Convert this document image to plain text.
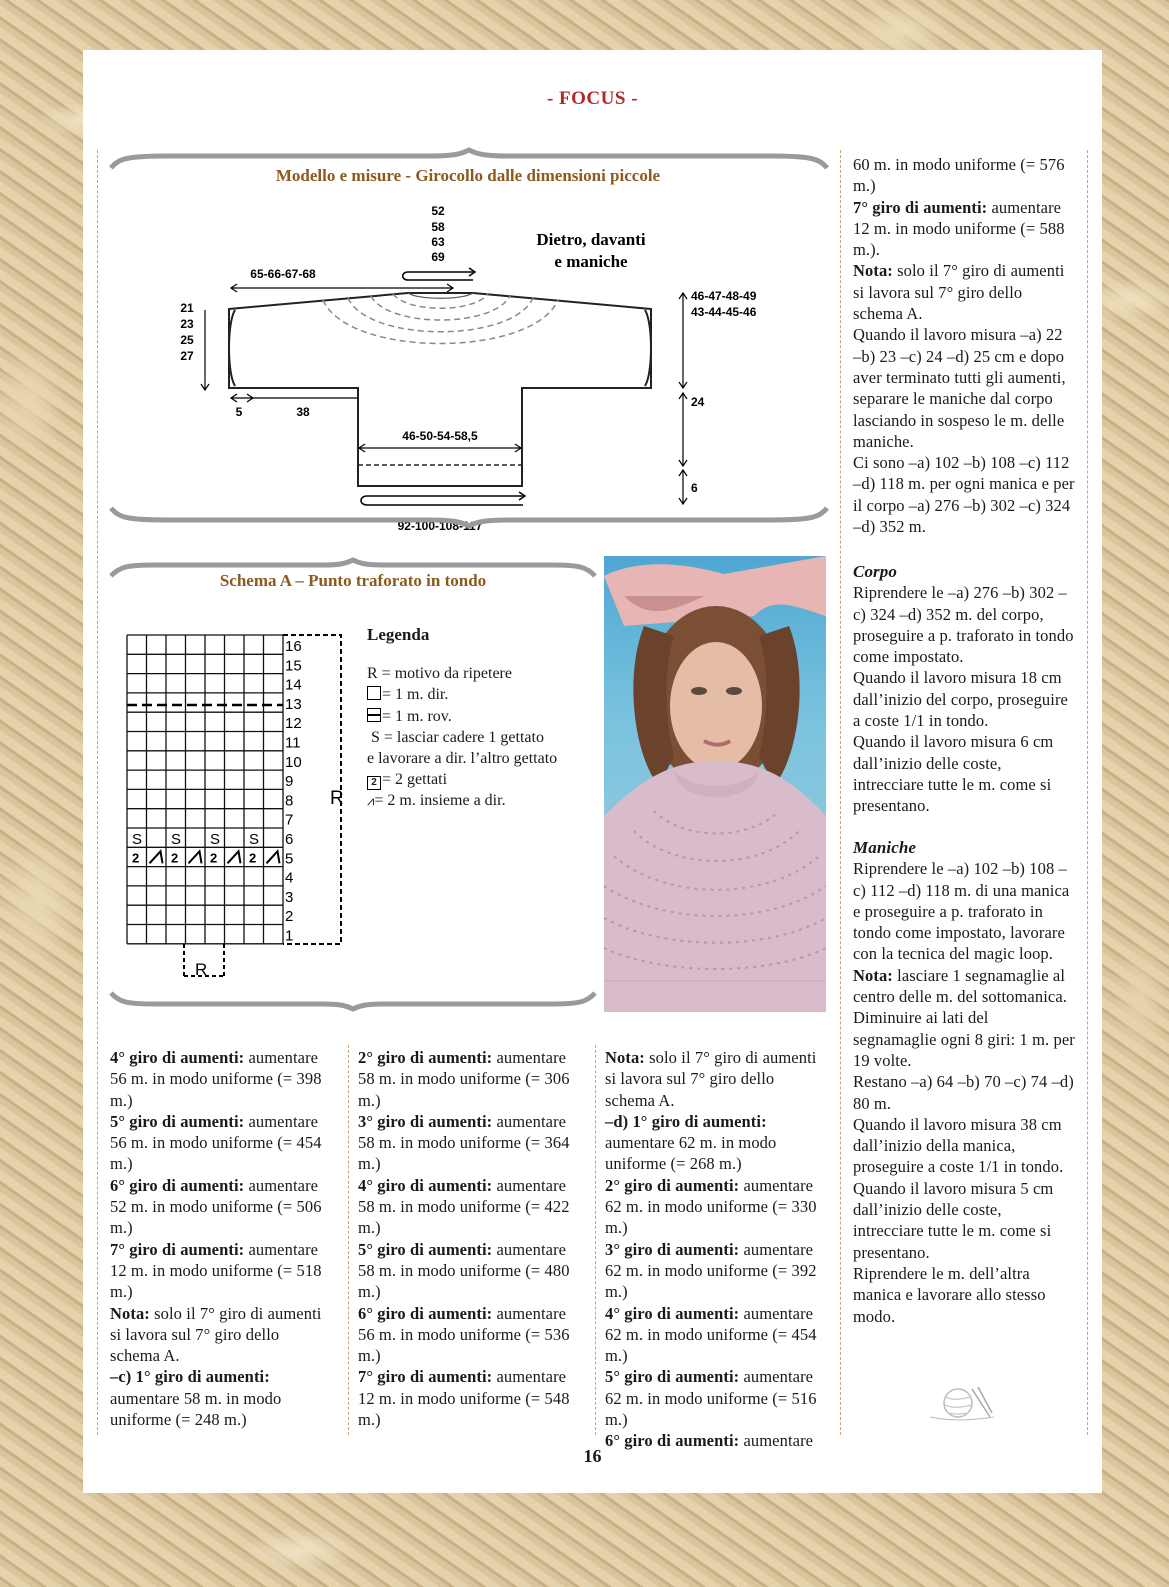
- FOCUS -
Modello e misure - Girocollo dalle dimensioni piccole
52
58
63
69
Dietro, davanti
e maniche
65-66-67-68
21
23
25
27
5	38
46-50-54-58,5
92-100-108-117
46-47-48-49
43-44-45-46
24
6
Schema A – Punto traforato in tondo
16
15
14
13
12
11
10
9
8
7
6
5
4
3
2
1
R
R
S S S S
2 2 2 2

Legenda

R = motivo da ripetere

= 1 m. dir.

= 1 m. rov.

S = lasciar cadere 1 gettato

e lavorare a dir. l’altro gettato

2 = 2 gettati

⩘= 2 m. insieme a dir.

60 m. in modo uniforme (= 576 m.)

7° giro di aumenti: aumentare 12 m. in modo uniforme (= 588 m.).

Nota: solo il 7° giro di aumenti si lavora sul 7° giro dello schema A.

Quando il lavoro misura –a) 22 –b) 23 –c) 24 –d) 25 cm e dopo aver terminato tutti gli aumenti, separare le maniche dal corpo lasciando in sospeso le m. delle maniche.

Ci sono –a) 102 –b) 108 –c) 112 –d) 118 m. per ogni manica e per il corpo –a) 276 –b) 302 –c) 324 –d) 352 m.

Corpo

Riprendere le –a) 276 –b) 302 –c) 324 –d) 352 m. del corpo, proseguire a p. traforato in tondo come impostato.

Quando il lavoro misura 18 cm dall’inizio del corpo, proseguire a coste 1/1 in tondo.

Quando il lavoro misura 6 cm dall’inizio delle coste, intrecciare tutte le m. come si presentano.

Maniche

Riprendere le –a) 102 –b) 108 –c) 112 –d) 118 m. di una manica e proseguire a p. traforato in tondo come impostato, lavorare con la tecnica del magic loop.

Nota: lasciare 1 segnamaglie al centro delle m. del sottomanica.

Diminuire ai lati del segnamaglie ogni 8 giri: 1 m. per 19 volte.

Restano –a) 64 –b) 70 –c) 74 –d) 80 m.

Quando il lavoro misura 38 cm dall’inizio della manica, proseguire a coste 1/1 in tondo.

Quando il lavoro misura 5 cm dall’inizio delle coste, intrecciare tutte le m. come si presentano.

Riprendere le m. dell’altra manica e lavorare allo stesso modo.

4° giro di aumenti: aumentare 56 m. in modo uniforme (= 398 m.)

5° giro di aumenti: aumentare 56 m. in modo uniforme (= 454 m.)

6° giro di aumenti: aumentare 52 m. in modo uniforme (= 506 m.)

7° giro di aumenti: aumentare 12 m. in modo uniforme (= 518 m.)

Nota: solo il 7° giro di aumenti si lavora sul 7° giro dello schema A.

–c) 1° giro di aumenti: aumentare 58 m. in modo uniforme (= 248 m.)

2° giro di aumenti: aumentare 58 m. in modo uniforme (= 306 m.)

3° giro di aumenti: aumentare 58 m. in modo uniforme (= 364 m.)

4° giro di aumenti: aumentare 58 m. in modo uniforme (= 422 m.)

5° giro di aumenti: aumentare 58 m. in modo uniforme (= 480 m.)

6° giro di aumenti: aumentare 56 m. in modo uniforme (= 536 m.)

7° giro di aumenti: aumentare 12 m. in modo uniforme (= 548 m.)

Nota: solo il 7° giro di aumenti si lavora sul 7° giro dello schema A.

–d) 1° giro di aumenti: aumentare 62 m. in modo uniforme (= 268 m.)

2° giro di aumenti: aumentare 62 m. in modo uniforme (= 330 m.)

3° giro di aumenti: aumentare 62 m. in modo uniforme (= 392 m.)

4° giro di aumenti: aumentare 62 m. in modo uniforme (= 454 m.)

5° giro di aumenti: aumentare 62 m. in modo uniforme (= 516 m.)

6° giro di aumenti: aumentare

16
